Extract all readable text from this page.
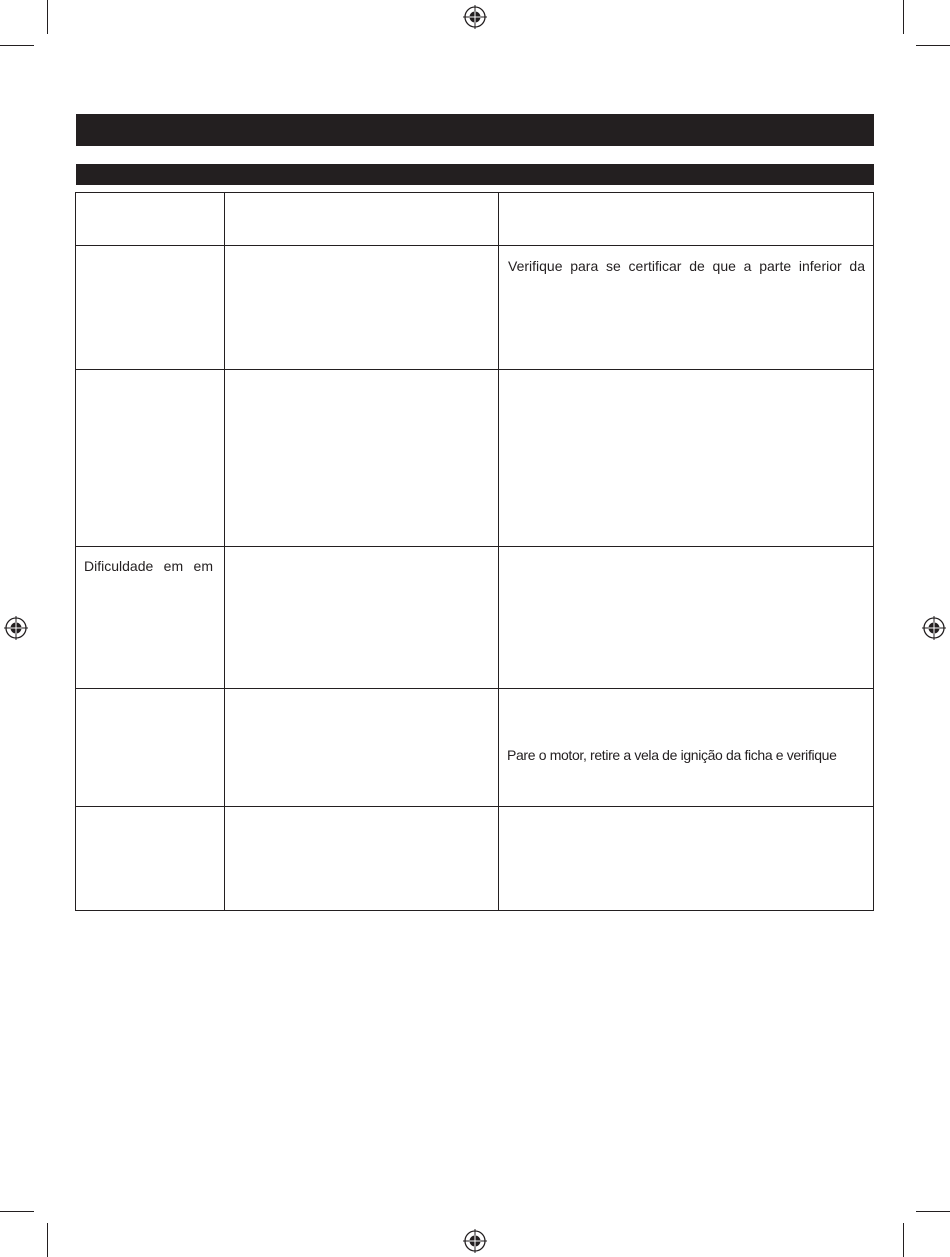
Verifique para se certificar de que a parte inferior da
Dificuldade em em
Pare o motor, retire a vela de ignição da ficha e verifique
